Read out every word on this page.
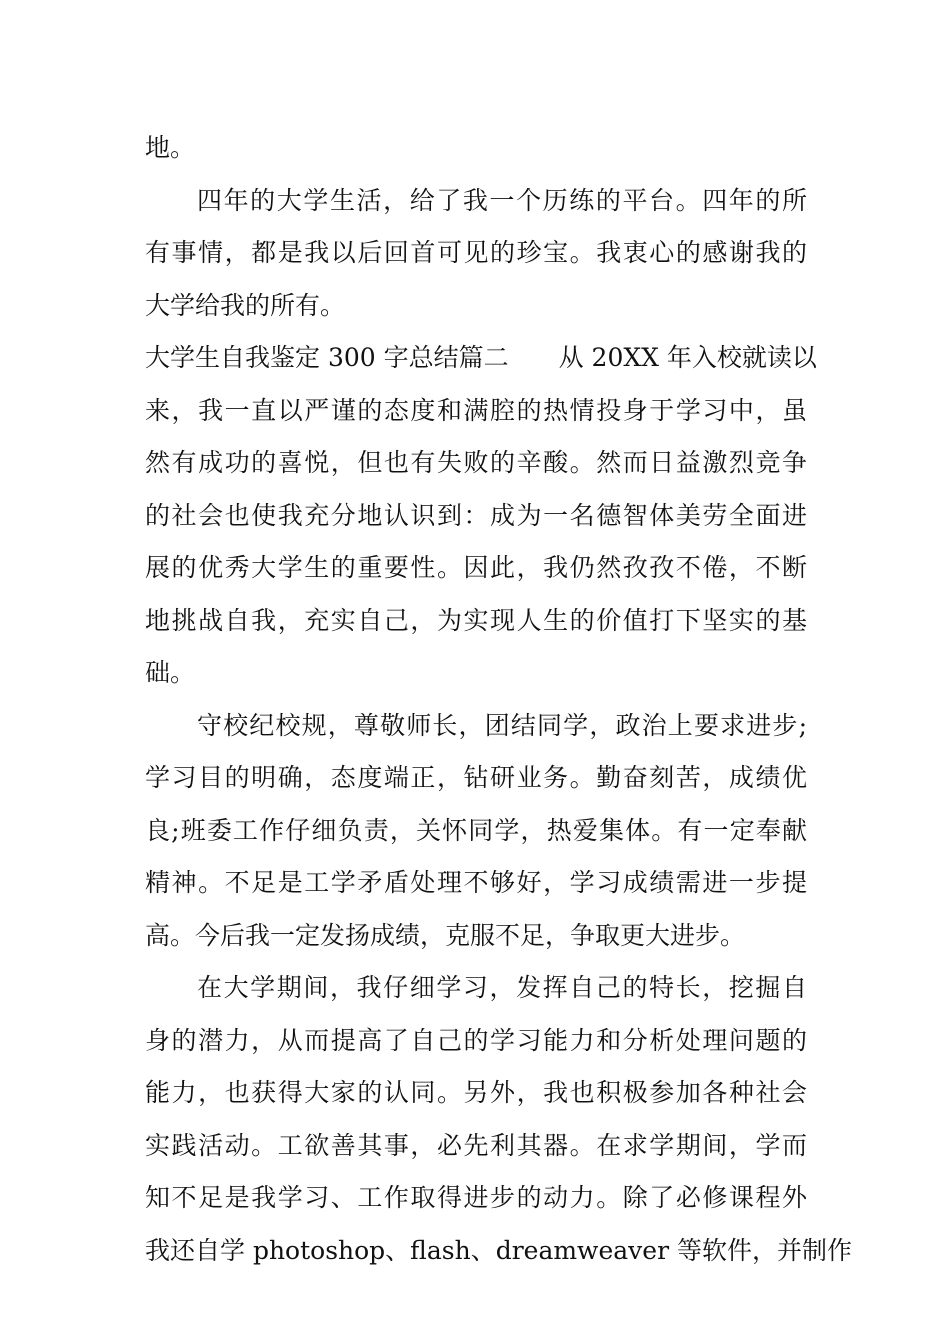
地。
四年的大学生活，给了我一个历练的平台。四年的所
有事情，都是我以后回首可见的珍宝。我衷心的感谢我的
大学给我的所有。
大学生自我鉴定 300 字总结篇二　　从 20XX 年入校就读以
来，我一直以严谨的态度和满腔的热情投身于学习中，虽
然有成功的喜悦，但也有失败的辛酸。然而日益激烈竞争
的社会也使我充分地认识到：成为一名德智体美劳全面进
展的优秀大学生的重要性。因此，我仍然孜孜不倦，不断
地挑战自我，充实自己，为实现人生的价值打下坚实的基
础。
守校纪校规，尊敬师长，团结同学，政治上要求进步;
学习目的明确，态度端正，钻研业务。勤奋刻苦，成绩优
良;班委工作仔细负责，关怀同学，热爱集体。有一定奉献
精神。不足是工学矛盾处理不够好，学习成绩需进一步提
高。今后我一定发扬成绩，克服不足，争取更大进步。
在大学期间，我仔细学习，发挥自己的特长，挖掘自
身的潜力，从而提高了自己的学习能力和分析处理问题的
能力，也获得大家的认同。另外，我也积极参加各种社会
实践活动。工欲善其事，必先利其器。在求学期间，学而
知不足是我学习、工作取得进步的动力。除了必修课程外
我还自学 photoshop、flash、dreamweaver 等软件，并制作
